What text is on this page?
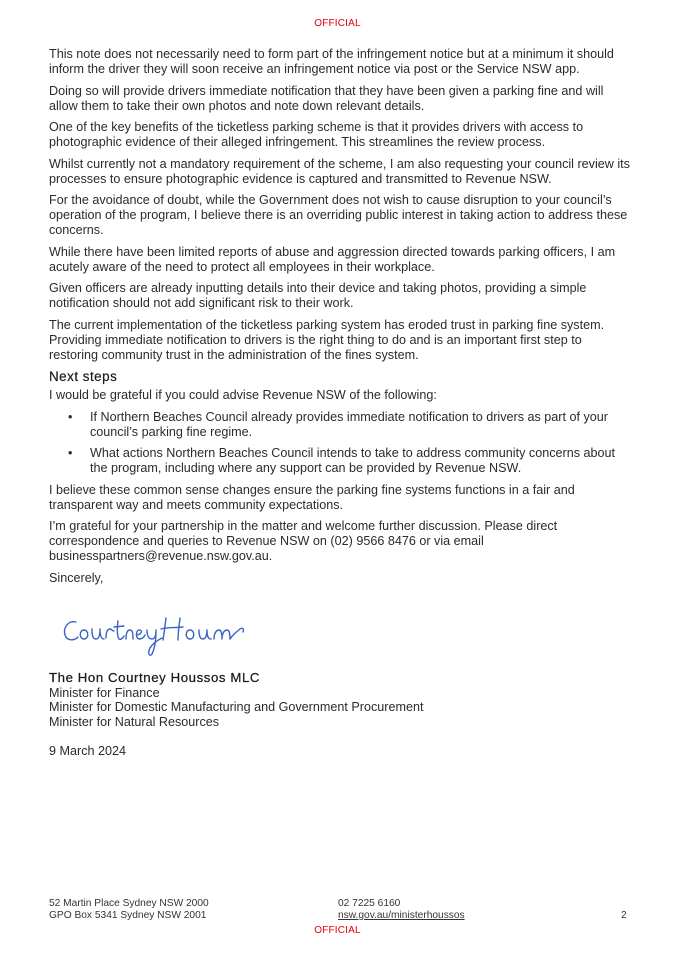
OFFICIAL

This note does not necessarily need to form part of the infringement notice but at a minimum it should inform the driver they will soon receive an infringement notice via post or the Service NSW app.

Doing so will provide drivers immediate notification that they have been given a parking fine and will allow them to take their own photos and note down relevant details.

One of the key benefits of the ticketless parking scheme is that it provides drivers with access to photographic evidence of their alleged infringement. This streamlines the review process.

Whilst currently not a mandatory requirement of the scheme, I am also requesting your council review its processes to ensure photographic evidence is captured and transmitted to Revenue NSW.

For the avoidance of doubt, while the Government does not wish to cause disruption to your council’s operation of the program, I believe there is an overriding public interest in taking action to address these concerns.

While there have been limited reports of abuse and aggression directed towards parking officers, I am acutely aware of the need to protect all employees in their workplace.

Given officers are already inputting details into their device and taking photos, providing a simple notification should not add significant risk to their work.

The current implementation of the ticketless parking system has eroded trust in parking fine system. Providing immediate notification to drivers is the right thing to do and is an important first step to restoring community trust in the administration of the fines system.

Next steps

I would be grateful if you could advise Revenue NSW of the following:

• If Northern Beaches Council already provides immediate notification to drivers as part of your council’s parking fine regime.
• What actions Northern Beaches Council intends to take to address community concerns about the program, including where any support can be provided by Revenue NSW.

I believe these common sense changes ensure the parking fine systems functions in a fair and transparent way and meets community expectations.

I’m grateful for your partnership in the matter and welcome further discussion. Please direct correspondence and queries to Revenue NSW on (02) 9566 8476 or via email businesspartners@revenue.nsw.gov.au.

Sincerely,

The Hon Courtney Houssos MLC
Minister for Finance
Minister for Domestic Manufacturing and Government Procurement
Minister for Natural Resources
9 March 2024
52 Martin Place Sydney NSW 2000
GPO Box 5341 Sydney NSW 2001
02 7225 6160
nsw.gov.au/ministerhoussos	2
OFFICIAL
